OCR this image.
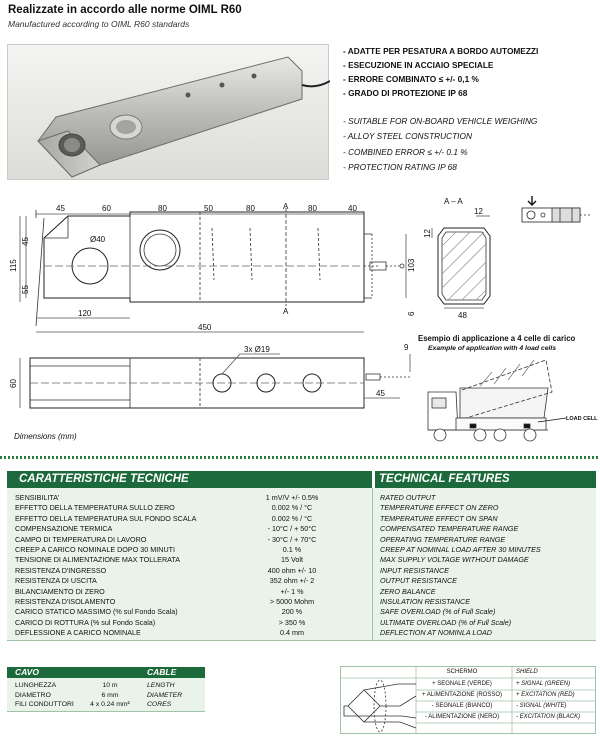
Realizzate in accordo alle norme OIML R60
Manufactured according to OIML R60 standards
- ADATTE PER PESATURA A BORDO AUTOMEZZI
- ESECUZIONE IN ACCIAIO SPECIALE
- ERRORE COMBINATO ≤ +/- 0,1 %
- GRADO DI PROTEZIONE IP 68
- SUITABLE FOR ON-BOARD VEHICLE WEIGHING
- ALLOY STEEL CONSTRUCTION
- COMBINED ERROR ≤ +/- 0.1 %
- PROTECTION RATING IP 68
45	60	80	50	80	A 80	40
45
115
55
Ø40
120
450
A
103
6
A – A
12
12
48
3x Ø19
60
9
45
LOAD CELL
Esempio di applicazione a 4 celle di carico
Example of application with 4 load cells
Dimensions (mm)
CARATTERISTICHE TECNICHE	TECHNICAL FEATURES
SENSIBILITA'	1 mV/V +/- 0.5%	RATED OUTPUT
EFFETTO DELLA TEMPERATURA SULLO ZERO	0.002 % / °C	TEMPERATURE EFFECT ON ZERO
EFFETTO DELLA TEMPERATURA SUL FONDO SCALA	0.002 % / °C	TEMPERATURE EFFECT ON SPAN
COMPENSAZIONE TERMICA	- 10°C / + 50°C	COMPENSATED TEMPERATURE RANGE
CAMPO DI TEMPERATURA DI LAVORO	- 30°C / + 70°C	OPERATING TEMPERATURE RANGE
CREEP A CARICO NOMINALE DOPO 30 MINUTI	0.1 %	CREEP AT NOMINAL LOAD AFTER 30 MINUTES
TENSIONE DI ALIMENTAZIONE MAX TOLLERATA	15 Volt	MAX SUPPLY VOLTAGE WITHOUT DAMAGE
RESISTENZA D'INGRESSO	400 ohm +/- 10	INPUT RESISTANCE
RESISTENZA DI USCITA	352 ohm +/- 2	OUTPUT RESISTANCE
BILANCIAMENTO DI ZERO	+/- 1 %	ZERO BALANCE
RESISTENZA D'ISOLAMENTO	> 5000 Mohm	INSULATION RESISTANCE
CARICO STATICO MASSIMO (% sul Fondo Scala)	200 %	SAFE OVERLOAD (% of Full Scale)
CARICO DI ROTTURA (% sul Fondo Scala)	> 350 %	ULTIMATE OVERLOAD (% of Full Scale)
DEFLESSIONE A CARICO NOMINALE	0.4 mm	DEFLECTION AT NOMINLA LOAD
CAVO	CABLE
LUNGHEZZA	10 m	LENGTH
DIAMETRO	6 mm	DIAMETER
FILI CONDUTTORI	4 x 0.24 mm²	CORES
SCHERMO	SHIELD
+ SEGNALE (VERDE)	+ SIGNAL (GREEN)
+ ALIMENTAZIONE (ROSSO)	+ EXCITATION (RED)
- SEGNALE (BIANCO)	- SIGNAL (WHITE)
- ALIMENTAZIONE (NERO)	- EXCITATION (BLACK)
